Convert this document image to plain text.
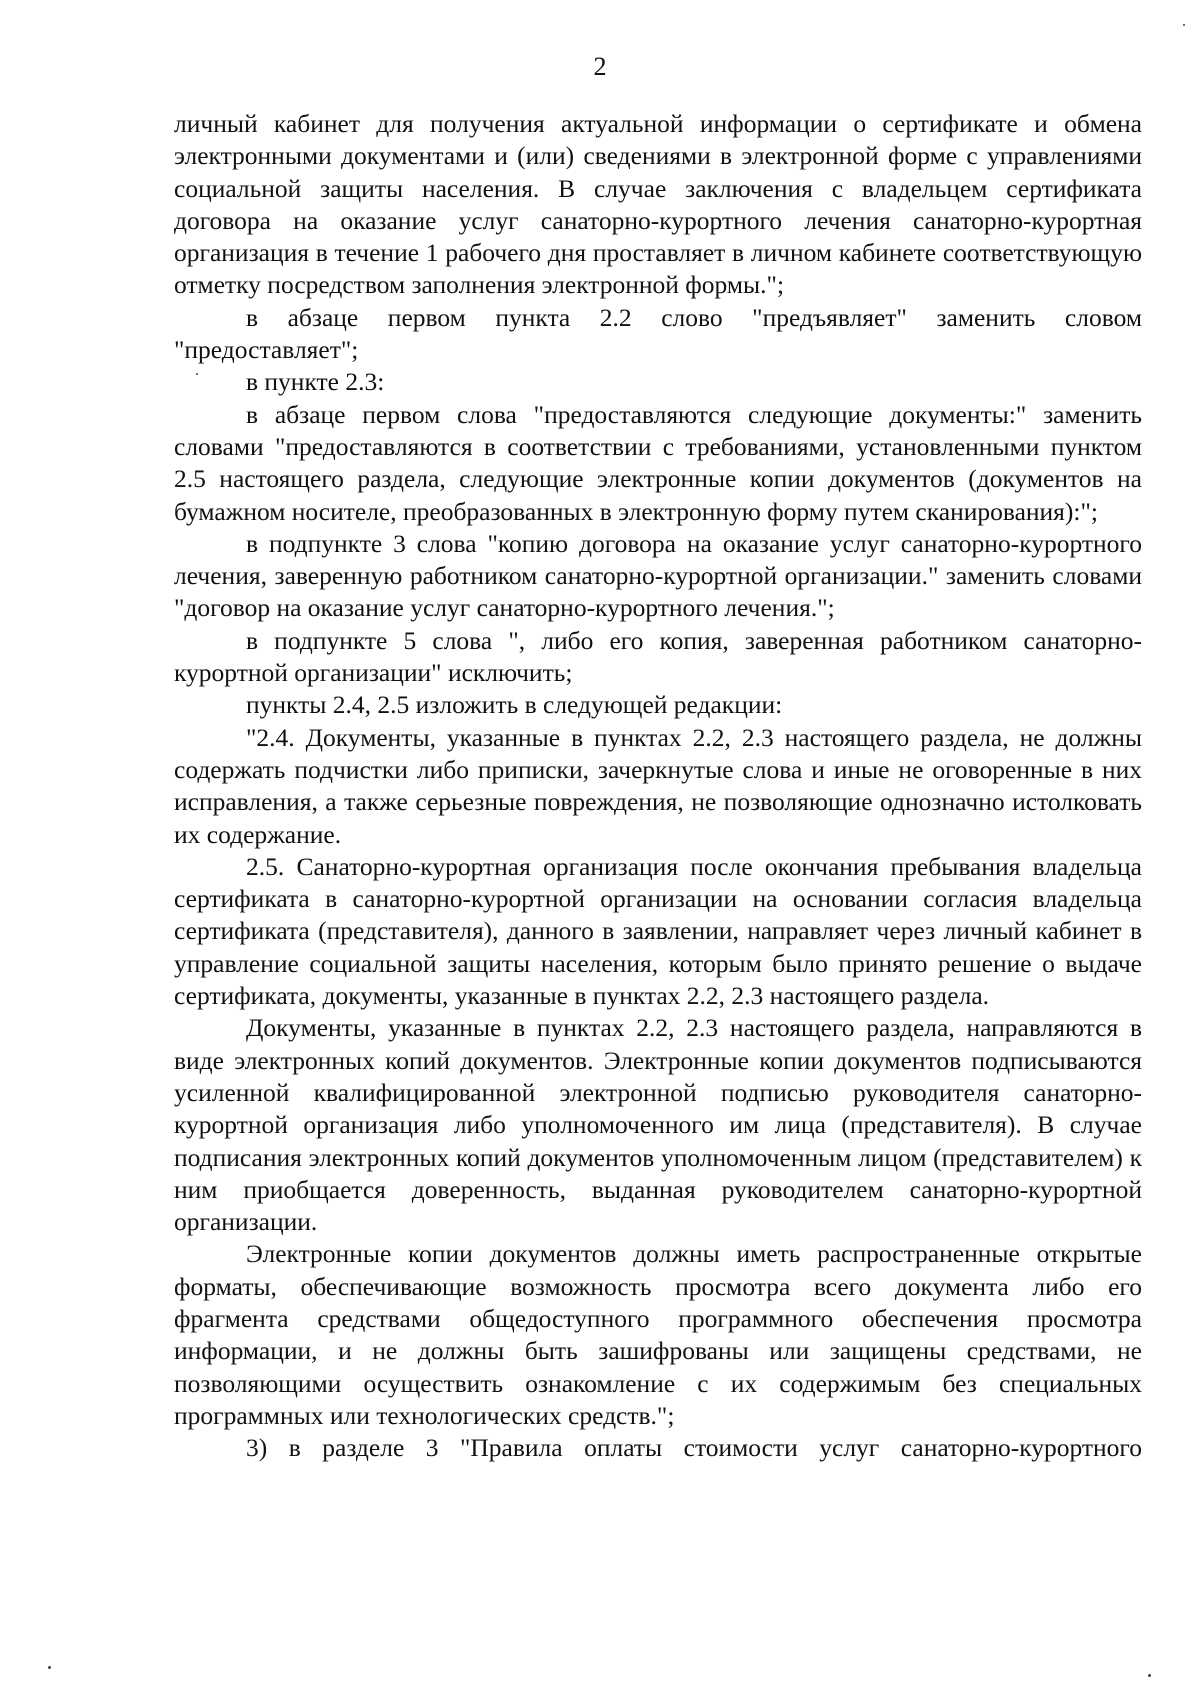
2

личный кабинет для получения актуальной информации о сертификате и обмена электронными документами и (или) сведениями в электронной форме с управлениями социальной защиты населения. В случае заключения с владельцем сертификата договора на оказание услуг санаторно-курортного лечения санаторно-курортная организация в течение 1 рабочего дня проставляет в личном кабинете соответствующую отметку посредством заполнения электронной формы.";

в абзаце первом пункта 2.2 слово "предъявляет" заменить словом "предоставляет";

в пункте 2.3:

в абзаце первом слова "предоставляются следующие документы:" заменить словами "предоставляются в соответствии с требованиями, установленными пунктом 2.5 настоящего раздела, следующие электронные копии документов (документов на бумажном носителе, преобразованных в электронную форму путем сканирования):";

в подпункте 3 слова "копию договора на оказание услуг санаторно-курортного лечения, заверенную работником санаторно-курортной организации." заменить словами "договор на оказание услуг санаторно-курортного лечения.";

в подпункте 5 слова ", либо его копия, заверенная работником санаторно-курортной организации" исключить;

пункты 2.4, 2.5 изложить в следующей редакции:

"2.4. Документы, указанные в пунктах 2.2, 2.3 настоящего раздела, не должны содержать подчистки либо приписки, зачеркнутые слова и иные не оговоренные в них исправления, а также серьезные повреждения, не позволяющие однозначно истолковать их содержание.

2.5. Санаторно-курортная организация после окончания пребывания владельца сертификата в санаторно-курортной организации на основании согласия владельца сертификата (представителя), данного в заявлении, направляет через личный кабинет в управление социальной защиты населения, которым было принято решение о выдаче сертификата, документы, указанные в пунктах 2.2, 2.3 настоящего раздела.

Документы, указанные в пунктах 2.2, 2.3 настоящего раздела, направляются в виде электронных копий документов. Электронные копии документов подписываются усиленной квалифицированной электронной подписью руководителя санаторно-курортной организация либо уполномоченного им лица (представителя). В случае подписания электронных копий документов уполномоченным лицом (представителем) к ним приобщается доверенность, выданная руководителем санаторно-курортной организации.

Электронные копии документов должны иметь распространенные открытые форматы, обеспечивающие возможность просмотра всего документа либо его фрагмента средствами общедоступного программного обеспечения просмотра информации, и не должны быть зашифрованы или защищены средствами, не позволяющими осуществить ознакомление с их содержимым без специальных программных или технологических средств.";

3) в разделе 3 "Правила оплаты стоимости услуг санаторно-курортного
